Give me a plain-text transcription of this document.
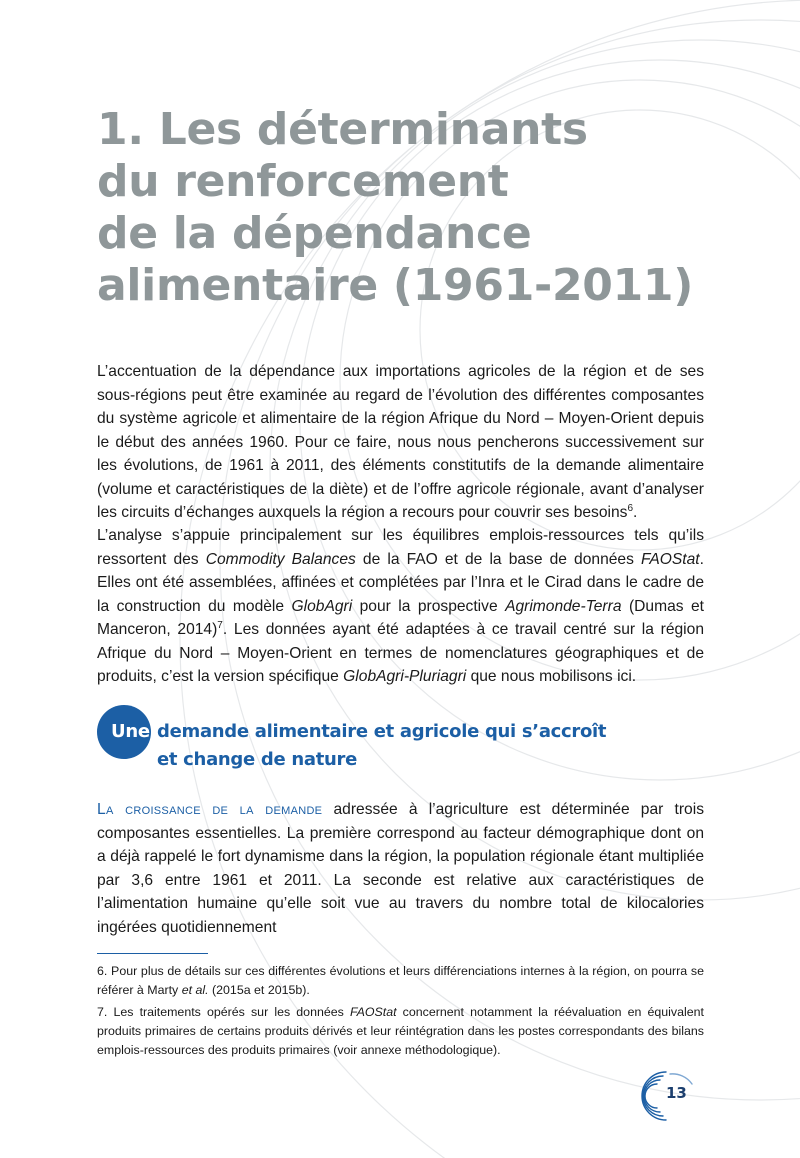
1. Les déterminants
du renforcement
de la dépendance
alimentaire (1961-2011)

L’accentuation de la dépendance aux importations agricoles de la région et de ses sous-régions peut être examinée au regard de l’évolution des différentes composantes du système agricole et alimentaire de la région Afrique du Nord – Moyen-Orient depuis le début des années 1960. Pour ce faire, nous nous pencherons successivement sur les évolutions, de 1961 à 2011, des éléments constitutifs de la demande alimentaire (volume et caractéristiques de la diète) et de l’offre agricole régionale, avant d’analyser les circuits d’échanges auxquels la région a recours pour couvrir ses besoins$^6$.

L’analyse s’appuie principalement sur les équilibres emplois-ressources tels qu’ils ressortent des Commodity Balances de la FAO et de la base de données FAOStat. Elles ont été assemblées, affinées et complétées par l’Inra et le Cirad dans le cadre de la construction du modèle GlobAgri pour la prospective Agrimonde-Terra (Dumas et Manceron, 2014)$^7$. Les données ayant été adaptées à ce travail centré sur la région Afrique du Nord – Moyen-Orient en termes de nomenclatures géographiques et de produits, c’est la version spécifique GlobAgri-Pluriagri que nous mobilisons ici.

Une demande alimentaire et agricole qui s’accroît
et change de nature

La croissance de la demande adressée à l’agriculture est déterminée par trois composantes essentielles. La première correspond au facteur démographique dont on a déjà rappelé le fort dynamisme dans la région, la population régionale étant multipliée par 3,6 entre 1961 et 2011. La seconde est relative aux caractéristiques de l’alimentation humaine qu’elle soit vue au travers du nombre total de kilocalories ingérées quotidiennement

6. Pour plus de détails sur ces différentes évolutions et leurs différenciations internes à la région, on pourra se référer à Marty et al. (2015a et 2015b).

7. Les traitements opérés sur les données FAOStat concernent notamment la réévaluation en équivalent produits primaires de certains produits dérivés et leur réintégration dans les postes correspondants des bilans emplois-ressources des produits primaires (voir annexe méthodologique).

13
